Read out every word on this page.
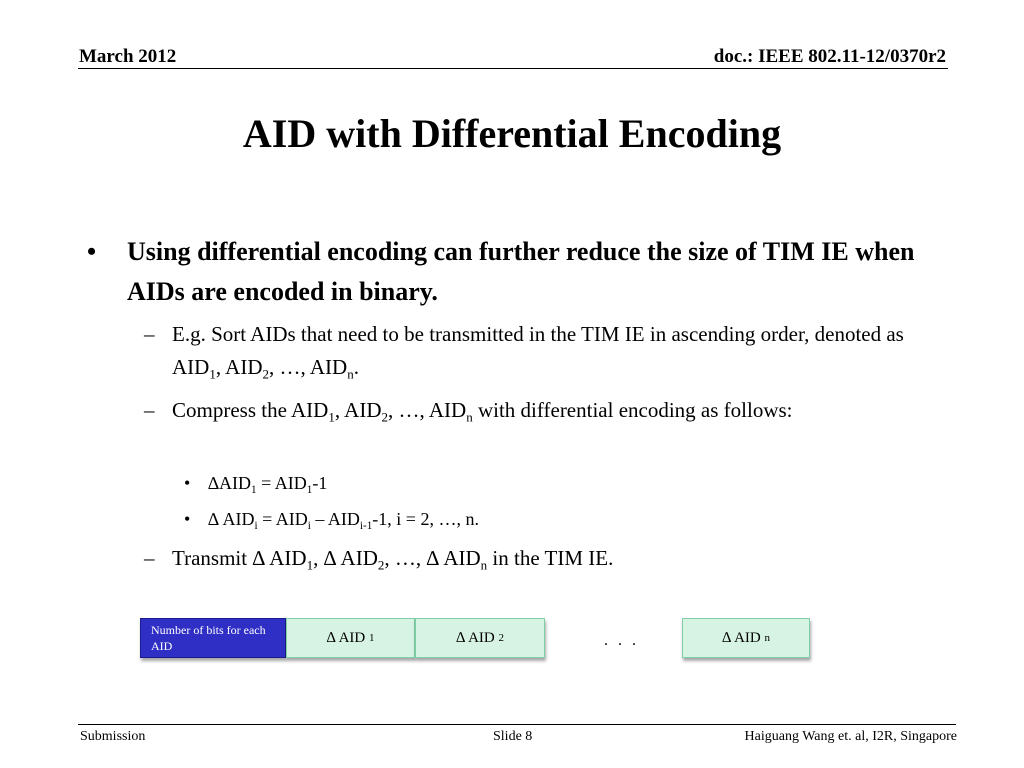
March 2012	doc.: IEEE 802.11-12/0370r2
AID with Differential Encoding
• Using differential encoding can further reduce the size of TIM IE when AIDs are encoded in binary.
– E.g. Sort AIDs that need to be transmitted in the TIM IE in ascending order, denoted as $AID_1$, $AID_2$, …, $AID_n$.
– Compress the $AID_1$, $AID_2$, …, $AID_n$ with differential encoding as follows:
• $\Delta AID_1 = AID_1-1$
• ∆ $AID_i = AID_i - AID_{i-1}-1$, i = 2, …, n.
– Transmit ∆ $AID_1$, ∆ $AID_2$, …, ∆ $AID_n$ in the TIM IE.
Number of bits for each AID
∆ AID
1	∆ AID
2	. . .	∆ AID
n
Submission	Slide 8	Haiguang Wang et. al, I2R, Singapore
